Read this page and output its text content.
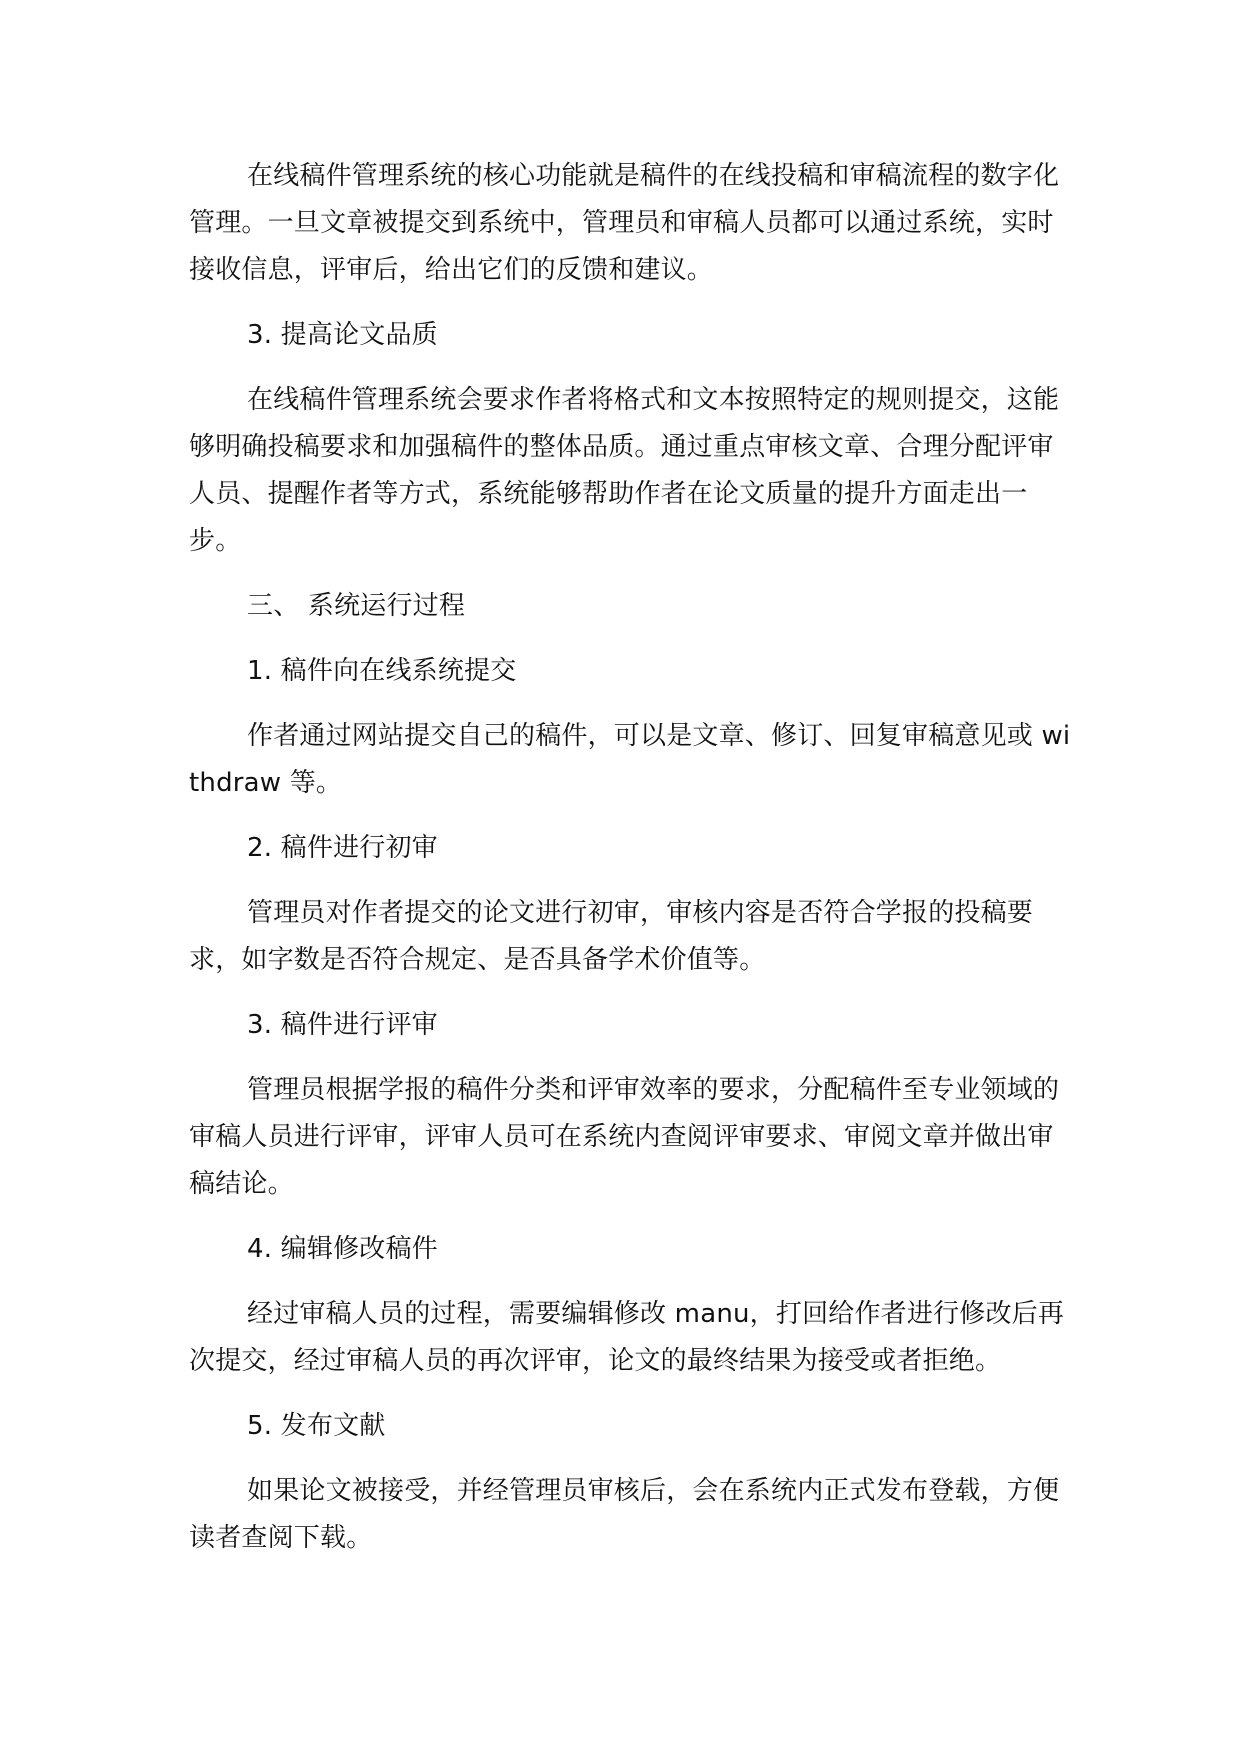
在线稿件管理系统的核心功能就是稿件的在线投稿和审稿流程的数字化管理。一旦文章被提交到系统中，管理员和审稿人员都可以通过系统，实时接收信息，评审后，给出它们的反馈和建议。

3. 提高论文品质

在线稿件管理系统会要求作者将格式和文本按照特定的规则提交，这能够明确投稿要求和加强稿件的整体品质。通过重点审核文章、合理分配评审人员、提醒作者等方式，系统能够帮助作者在论文质量的提升方面走出一步。

三、 系统运行过程

1. 稿件向在线系统提交

作者通过网站提交自己的稿件，可以是文章、修订、回复审稿意见或 withdraw 等。

2. 稿件进行初审

管理员对作者提交的论文进行初审，审核内容是否符合学报的投稿要求，如字数是否符合规定、是否具备学术价值等。

3. 稿件进行评审

管理员根据学报的稿件分类和评审效率的要求，分配稿件至专业领域的审稿人员进行评审，评审人员可在系统内查阅评审要求、审阅文章并做出审稿结论。

4. 编辑修改稿件

经过审稿人员的过程，需要编辑修改 manu，打回给作者进行修改后再次提交，经过审稿人员的再次评审，论文的最终结果为接受或者拒绝。

5. 发布文献

如果论文被接受，并经管理员审核后，会在系统内正式发布登载，方便读者查阅下载。
